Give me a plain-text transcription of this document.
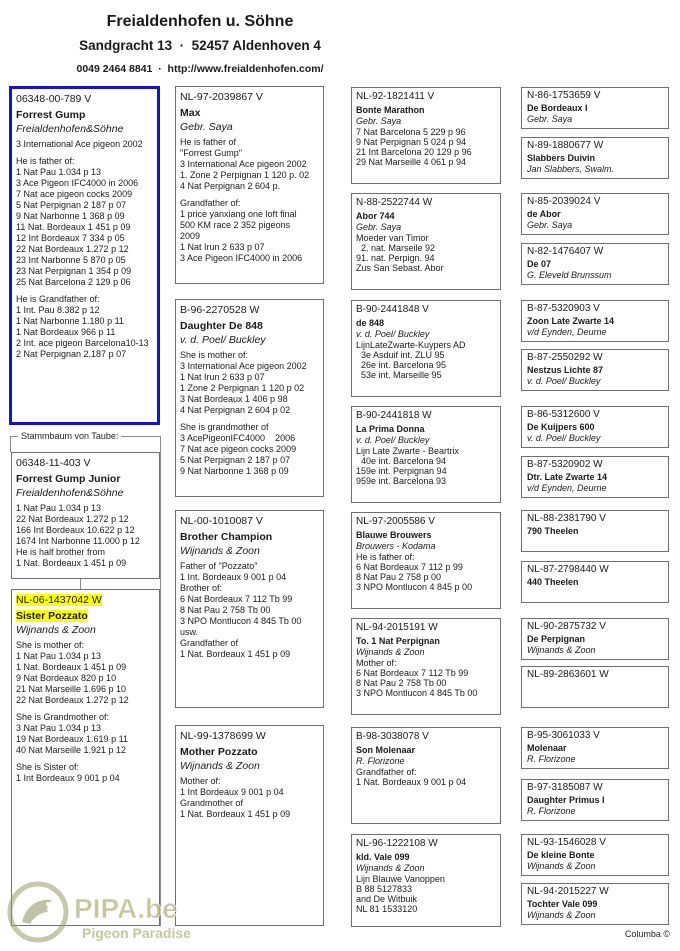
Freialdenhofen u. Söhne
Sandgracht 13  ·  52457 Aldenhoven 4
0049 2464 8841  ·  http://www.freialdenhofen.com/
Stammbaum von Taube:
06348-00-789 V
Forrest Gump
Freialdenhofen&Söhne
3 International Ace pigeon 2002
He is father of:
1 Nat Pau 1.034 p 13
3 Ace Pigeon IFC4000 in 2006
7 Nat ace pigeon cocks 2009
5 Nat Perpignan 2 187 p 07
9 Nat Narbonne 1 368 p 09
11 Nat. Bordeaux 1 451 p 09
12 Int Bordeaux 7 334 p 05
22 Nat Bordeaux 1.272 p 12
23 Int Narbonne 5 870 p 05
23 Nat Perpignan 1 354 p 09
25 Nat Barcelona 2 129 p 06
He is Grandfather of:
1 Int. Pau 8.382 p 12
1 Nat Narbonne 1.180 p 11
1 Nat Bordeaux 966 p 11
2 Int. ace pigeon Barcelona10-13
2 Nat Perpignan 2.187 p 07
06348-11-403 V
Forrest Gump Junior
Freialdenhofen&Söhne
1 Nat Pau 1.034 p 13
22 Nat Bordeaux 1.272 p 12
166 Int Bordeaux 10.622 p 12
1674 Int Narbonne 11.000 p 12
He is half brother from
1 Nat. Bordeaux 1 451 p 09
NL-06-1437042 W
Sister Pozzato
Wijnands & Zoon
She is mother of:
1 Nat Pau 1.034 p 13
1 Nat. Bordeaux 1 451 p 09
9 Nat Bordeaux 820 p 10
21 Nat Marseille 1.696 p 10
22 Nat Bordeaux 1.272 p 12
She is Grandmother of:
3 Nat Pau 1.034 p 13
19 Nat Bordeaux 1.619 p 11
40 Nat Marseille 1.921 p 12
She is Sister of:
1 Int Bordeaux 9 001 p 04
NL-97-2039867 V
Max
Gebr. Saya
He is father of
"Forrest Gump"
3 International Ace pigeon 2002
1. Zone 2 Perpignan 1 120 p. 02
4 Nat Perpignan 2 604 p.
Grandfather of:
1 price yanxiang one loft final
500 KM race 2 352 pigeons
2009
1 Nat Irun 2 633 p 07
3 Ace Pigeon IFC4000 in 2006
B-96-2270528 W
Daughter De 848
v. d. Poel/ Buckley
She is mother of:
3 International Ace pigeon 2002
1 Nat Irun 2 633 p 07
1 Zone 2 Perpignan 1 120 p 02
3 Nat Bordeaux 1 406 p 98
4 Nat Perpignan 2 604 p 02
She is grandmother of
3 AcePigeonIFC4000    2006
7 Nat ace pigeon cocks 2009
5 Nat Perpignan 2 187 p 07
9 Nat Narbonne 1 368 p 09
NL-00-1010087 V
Brother Champion
Wijnands & Zoon
Father of "Pozzato"
1 Int. Bordeaux 9 001 p 04
Brother of:
6 Nat Bordeaux 7 112 Tb 99
8 Nat Pau 2 758 Tb 00
3 NPO Montlucon 4 845 Tb 00
usw.
Grandfather of
1 Nat. Bordeaux 1 451 p 09
NL-99-1378699 W
Mother Pozzato
Wijnands & Zoon
Mother of:
1 Int Bordeaux 9 001 p 04
Grandmother of
1 Nat. Bordeaux 1 451 p 09
NL-92-1821411 V
Bonte Marathon
Gebr. Saya
7 Nat Barcelona 5 229 p 96
9 Nat Perpignan 5 024 p 94
21 Int Barcelona 20 129 p 96
29 Nat Marseille 4 061 p 94
N-88-2522744 W
Abor 744
Gebr. Saya
Moeder van Timor
2. nat. Marseile 92
91. nat. Perpign. 94
Zus San Sebast. Abor
B-90-2441848 V
de 848
v. d. Poel/ Buckley
LijnLateZwarte-Kuypers AD
3e Asduif int. ZLU 95
26e int. Barcelona 95
53e int. Marseille 95
B-90-2441818 W
La Prima Donna
v. d. Poel/ Buckley
Lijn Late Zwarte - Beartrix
40e int. Barcelona 94
159e int. Perpignan 94
959e int. Barcelona 93
NL-97-2005586 V
Blauwe Brouwers
Brouwers - Kodama
He is father of:
6 Nat Bordeaux 7 112 p 99
8 Nat Pau 2 758 p 00
3 NPO Montlucon 4 845 p 00
NL-94-2015191 W
To. 1 Nat Perpignan
Wijnands & Zoon
Mother of:
6 Nat Bordeaux 7 112 Tb 99
8 Nat Pau 2 758 Tb 00
3 NPO Montlucon 4 845 Tb 00
B-98-3038078 V
Son Molenaar
R. Florizone
Grandfather of:
1 Nat. Bordeaux 9 001 p 04
NL-96-1222108 W
kld. Vale 099
Wijnands & Zoon
Lijn Blauwe Vanoppen
B 88 5127833
and De Witbuik
NL 81 1533120
N-86-1753659 V
De Bordeaux I
Gebr. Saya
N-89-1880677 W
Slabbers Duivin
Jan Slabbers, Swalm.
N-85-2039024 V
de Abor
Gebr. Saya
N-82-1476407 W
De 07
G. Eleveld Brunssum
B-87-5320903 V
Zoon Late Zwarte 14
v/d Eynden, Deurne
B-87-2550292 W
Nestzus Lichte 87
v. d. Poel/ Buckley
B-86-5312600 V
De Kuijpers 600
v. d. Poel/ Buckley
B-87-5320902 W
Dtr. Late Zwarte 14
v/d Eynden, Deurne
NL-88-2381790 V
790 Theelen
NL-87-2798440 W
440 Theelen
NL-90-2875732 V
De Perpignan
Wijnands & Zoon
NL-89-2863601 W
B-95-3061033 V
Molenaar
R. Florizone
B-97-3185087 W
Daughter Primus I
R. Florizone
NL-93-1546028 V
De kleine Bonte
Wijnands & Zoon
NL-94-2015227 W
Tochter Vale 099
Wijnands & Zoon
PIPA.be
Pigeon Paradise	Columba ©
